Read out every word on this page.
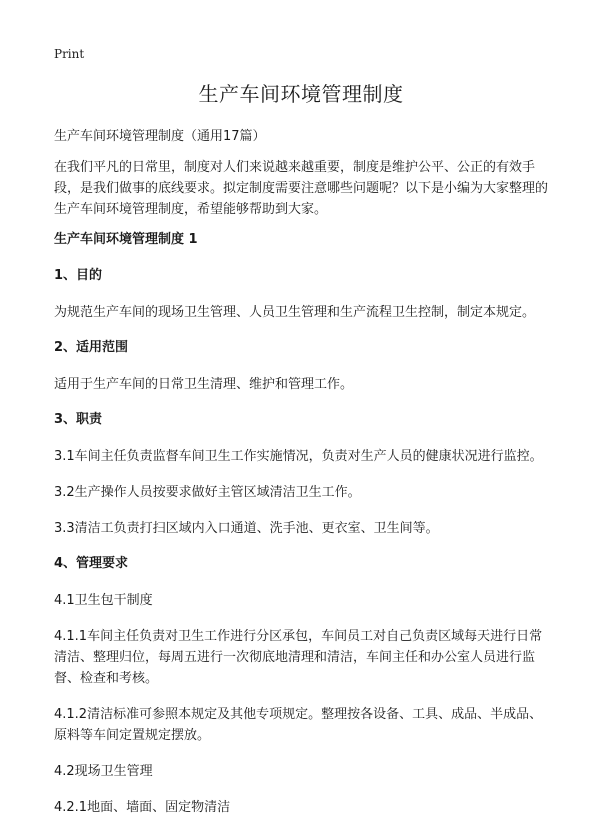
Print
生产车间环境管理制度

生产车间环境管理制度（通用17篇）

在我们平凡的日常里，制度对人们来说越来越重要，制度是维护公平、公正的有效手段，是我们做事的底线要求。拟定制度需要注意哪些问题呢？以下是小编为大家整理的生产车间环境管理制度，希望能够帮助到大家。

生产车间环境管理制度 1
1、目的

为规范生产车间的现场卫生管理、人员卫生管理和生产流程卫生控制，制定本规定。

2、适用范围

适用于生产车间的日常卫生清理、维护和管理工作。

3、职责

3.1车间主任负责监督车间卫生工作实施情况，负责对生产人员的健康状况进行监控。

3.2生产操作人员按要求做好主管区域清洁卫生工作。

3.3清洁工负责打扫区域内入口通道、洗手池、更衣室、卫生间等。

4、管理要求

4.1卫生包干制度

4.1.1车间主任负责对卫生工作进行分区承包，车间员工对自己负责区域每天进行日常清洁、整理归位，每周五进行一次彻底地清理和清洁，车间主任和办公室人员进行监督、检查和考核。

4.1.2清洁标准可参照本规定及其他专项规定。整理按各设备、工具、成品、半成品、原料等车间定置规定摆放。

4.2现场卫生管理

4.2.1地面、墙面、固定物清洁
